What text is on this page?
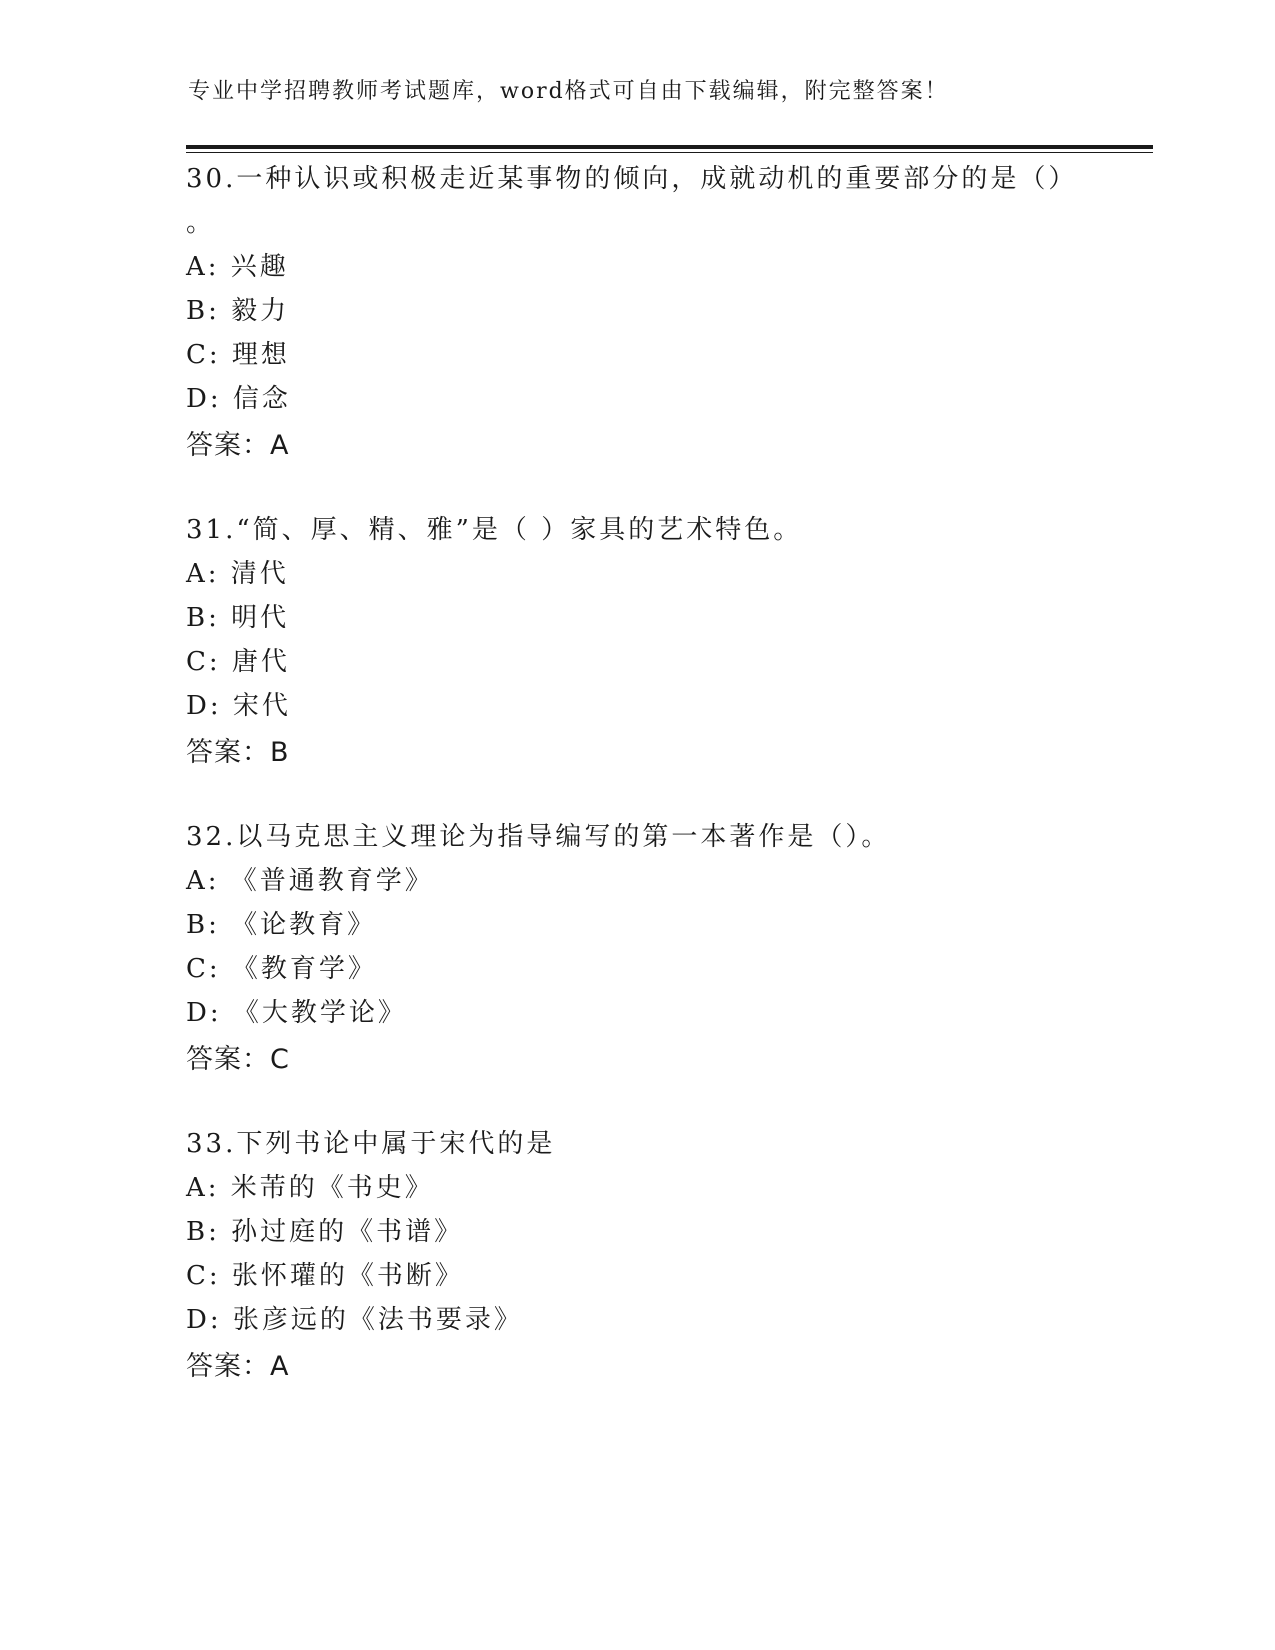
专业中学招聘教师考试题库，word格式可自由下载编辑，附完整答案！
30.一种认识或积极走近某事物的倾向，成就动机的重要部分的是（）
。
A: 兴趣
B: 毅力
C: 理想
D: 信念
答案：A
31.“简、厚、精、雅”是（ ）家具的艺术特色。
A: 清代
B: 明代
C: 唐代
D: 宋代
答案：B
32.以马克思主义理论为指导编写的第一本著作是（）。
A: 《普通教育学》
B: 《论教育》
C: 《教育学》
D: 《大教学论》
答案：C
33.下列书论中属于宋代的是
A: 米芾的《书史》
B: 孙过庭的《书谱》
C: 张怀瓘的《书断》
D: 张彦远的《法书要录》
答案：A
